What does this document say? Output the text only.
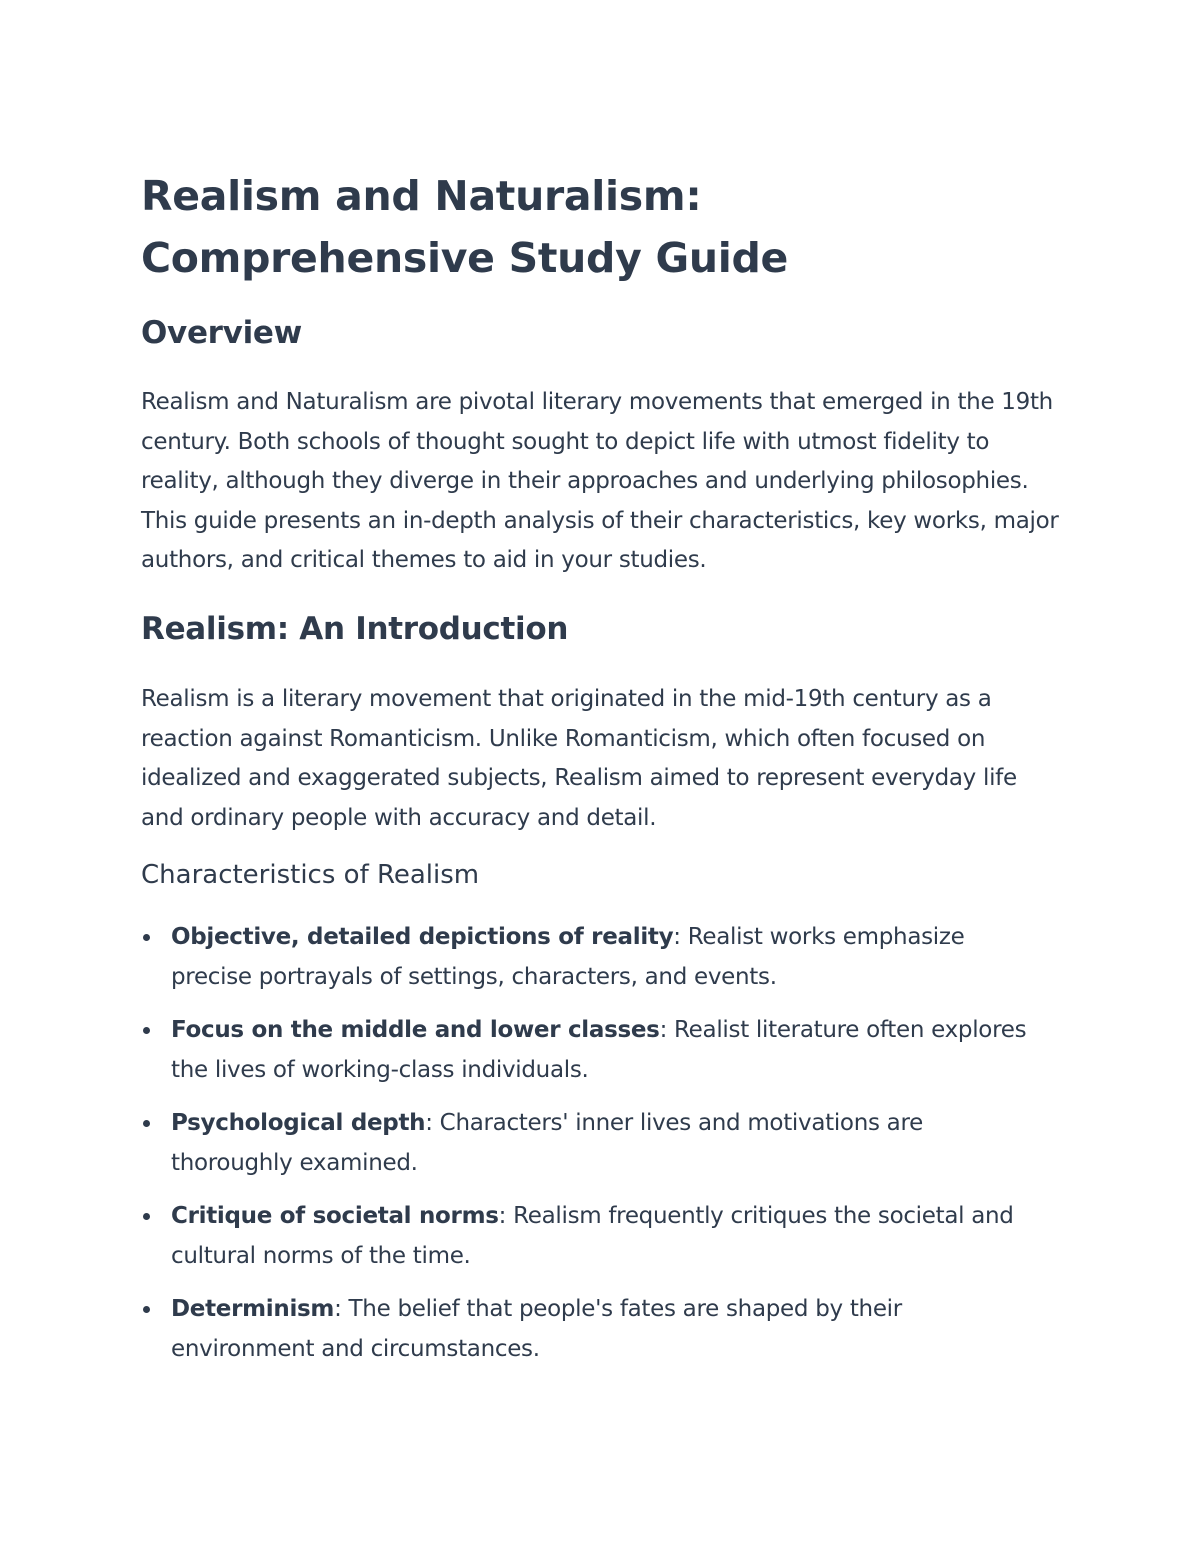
Realism and Naturalism:
Comprehensive Study Guide
Overview

Realism and Naturalism are pivotal literary movements that emerged in the 19th century. Both schools of thought sought to depict life with utmost fidelity to reality, although they diverge in their approaches and underlying philosophies. This guide presents an in-depth analysis of their characteristics, key works, major authors, and critical themes to aid in your studies.

Realism: An Introduction

Realism is a literary movement that originated in the mid-19th century as a reaction against Romanticism. Unlike Romanticism, which often focused on idealized and exaggerated subjects, Realism aimed to represent everyday life and ordinary people with accuracy and detail.

Characteristics of Realism
Objective, detailed depictions of reality: Realist works emphasize precise portrayals of settings, characters, and events.
Focus on the middle and lower classes: Realist literature often explores the lives of working-class individuals.
Psychological depth: Characters' inner lives and motivations are thoroughly examined.
Critique of societal norms: Realism frequently critiques the societal and cultural norms of the time.
Determinism: The belief that people's fates are shaped by their environment and circumstances.
